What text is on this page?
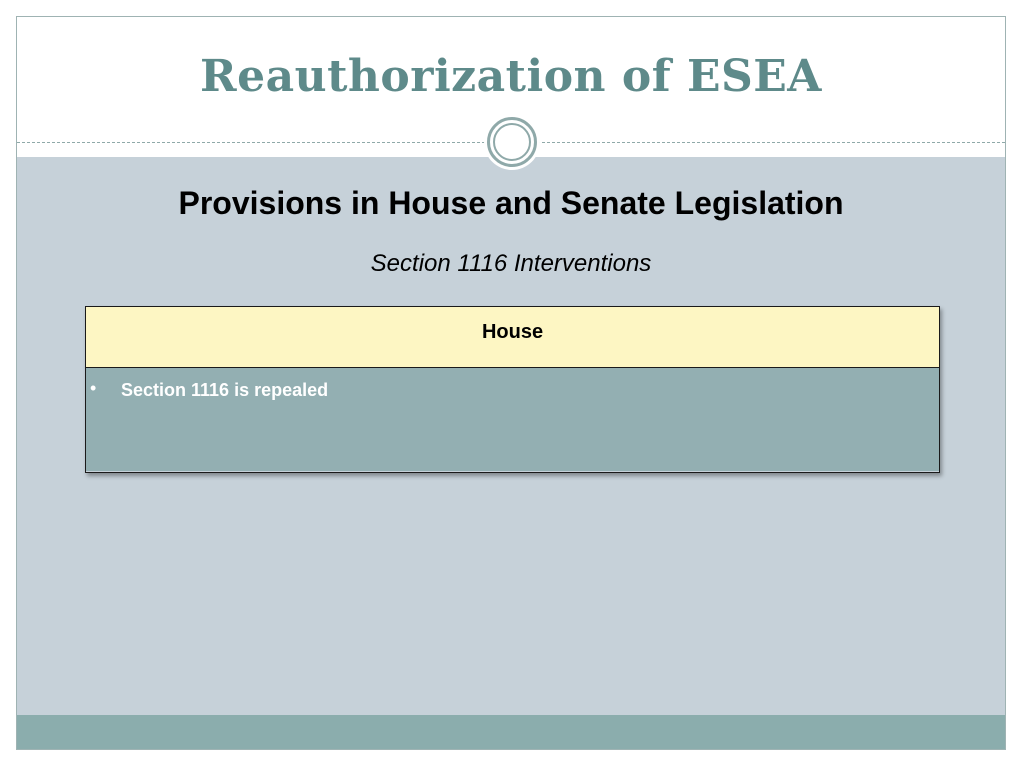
Reauthorization of ESEA
Provisions in House and Senate Legislation
Section 1116 Interventions
House
• Section 1116 is repealed
